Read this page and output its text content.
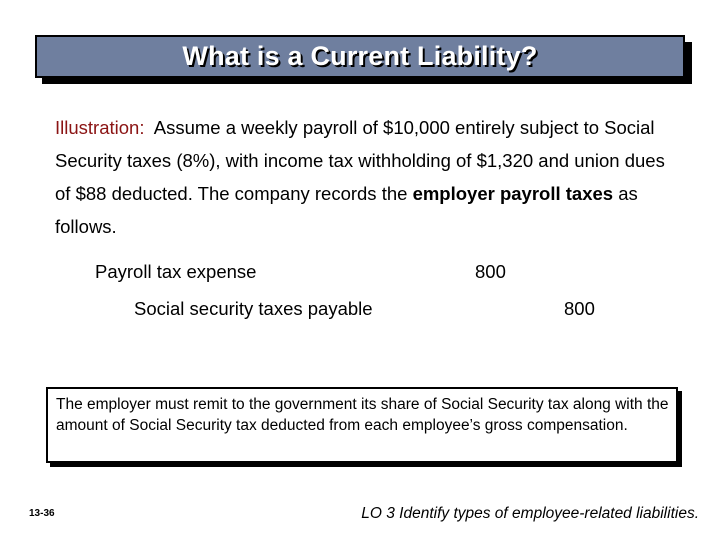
What is a Current Liability?
Illustration: Assume a weekly payroll of $10,000 entirely subject to Social Security taxes (8%), with income tax withholding of $1,320 and union dues of $88 deducted. The company records the employer payroll taxes as follows.
Payroll tax expense	800
Social security taxes payable	800
The employer must remit to the government its share of Social Security tax along with the amount of Social Security tax deducted from each employee’s gross compensation.
13-36	LO 3 Identify types of employee-related liabilities.
